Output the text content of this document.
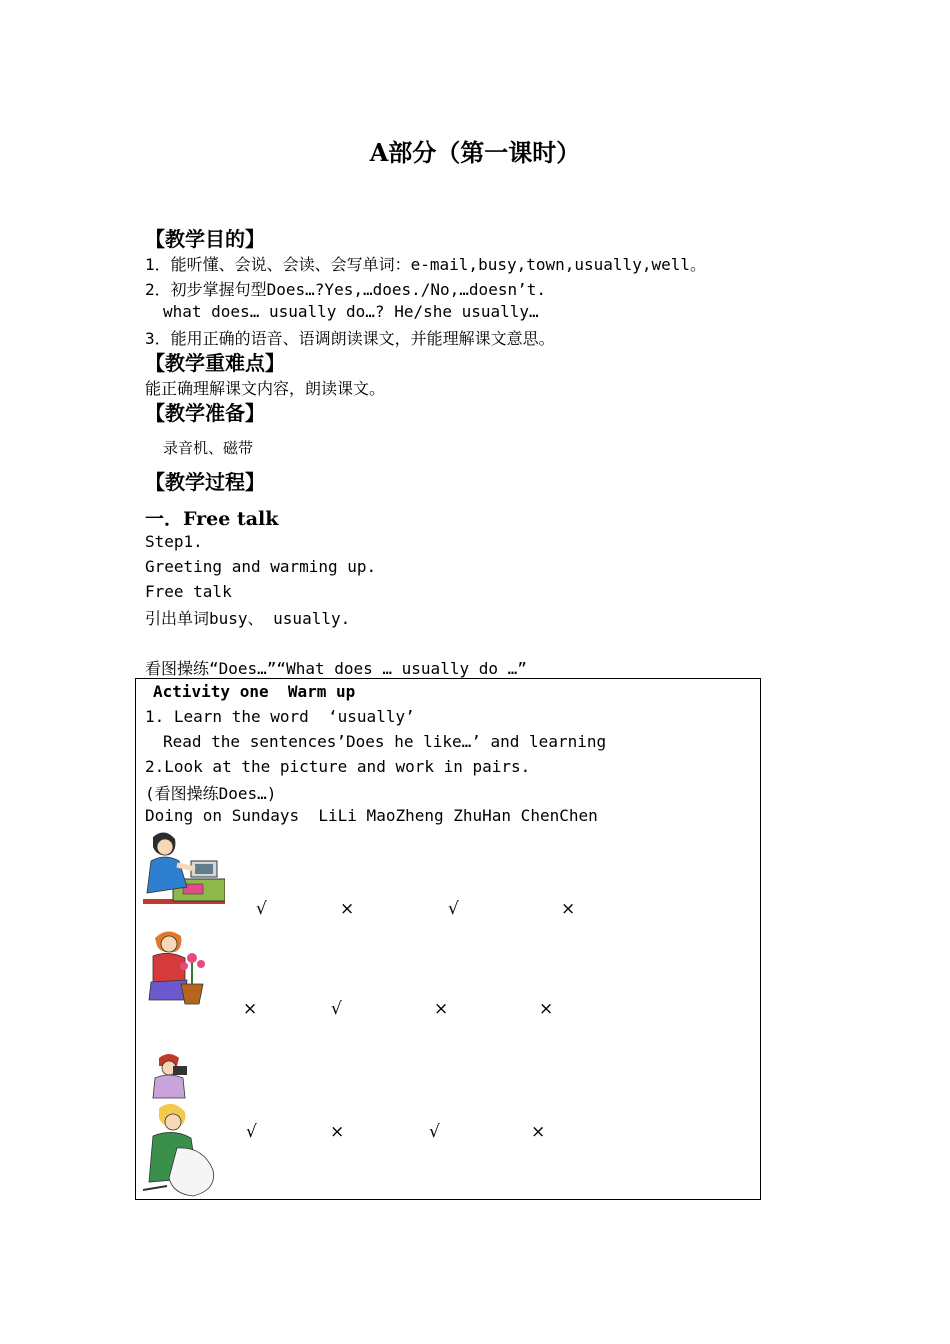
A部分（第一课时）
【教学目的】
1．能听懂、会说、会读、会写单词：e-mail,busy,town,usually,well。
2．初步掌握句型Does…?Yes,…does./No,…doesn’t.
what does… usually do…? He/she usually…
3．能用正确的语音、语调朗读课文，并能理解课文意思。
【教学重难点】
能正确理解课文内容，朗读课文。
【教学准备】
录音机、磁带
【教学过程】
一．Free talk
Step1.
Greeting and warming up.
Free talk
引出单词busy、 usually.
看图操练“Does…”“What does … usually do …”
Activity one  Warm up
1. Learn the word  ‘usually’
Read the sentences’Does he like…’ and learning
2.Look at the picture and work in pairs.
(看图操练Does…)
Doing on Sundays  LiLi MaoZheng ZhuHan ChenChen
√	×	√	×
×	√	×	×
√	×	√	×
